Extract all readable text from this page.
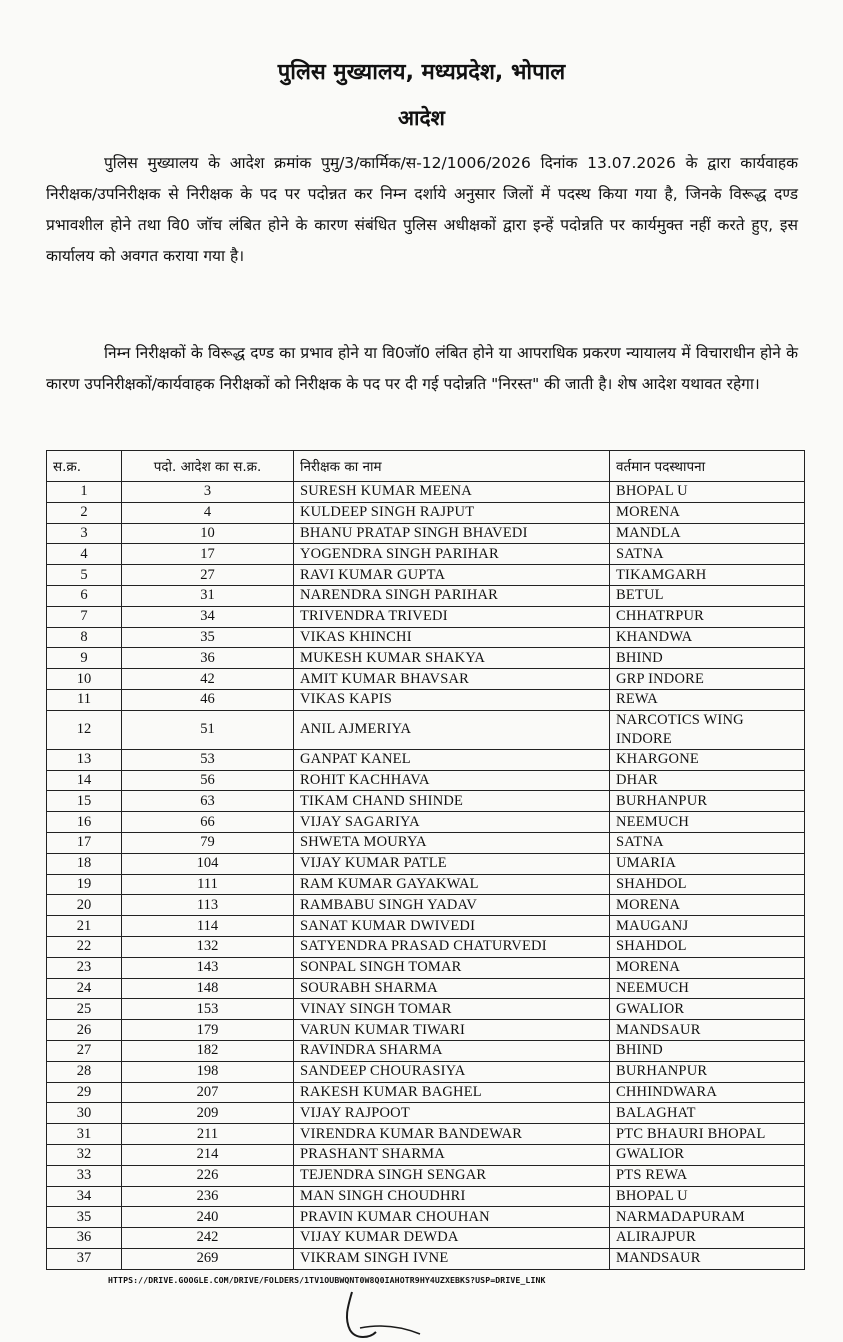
पुलिस मुख्यालय, मध्यप्रदेश, भोपाल
आदेश
पुलिस मुख्यालय के आदेश क्रमांक पुमु/3/कार्मिक/स-12/1006/2026 दिनांक 13.07.2026 के द्वारा कार्यवाहक निरीक्षक/उपनिरीक्षक से निरीक्षक के पद पर पदोन्नत कर निम्न दर्शाये अनुसार जिलों में पदस्थ किया गया है, जिनके विरूद्ध दण्ड प्रभावशील होने तथा वि0 जॉच लंबित होने के कारण संबंधित पुलिस अधीक्षकों द्वारा इन्हें पदोन्नति पर कार्यमुक्त नहीं करते हुए, इस कार्यालय को अवगत कराया गया है।
निम्न निरीक्षकों के विरूद्ध दण्ड का प्रभाव होने या वि0जॉ0 लंबित होने या आपराधिक प्रकरण न्यायालय में विचाराधीन होने के कारण उपनिरीक्षकों/कार्यवाहक निरीक्षकों को निरीक्षक के पद पर दी गई पदोन्नति "निरस्त" की जाती है। शेष आदेश यथावत रहेगा।
स.क्र.	पदो. आदेश का स.क्र.	निरीक्षक का नाम	वर्तमान पदस्थापना
1	3	SURESH KUMAR MEENA	BHOPAL U
2	4	KULDEEP SINGH RAJPUT	MORENA
3	10	BHANU PRATAP SINGH BHAVEDI	MANDLA
4	17	YOGENDRA SINGH PARIHAR	SATNA
5	27	RAVI KUMAR GUPTA	TIKAMGARH
6	31	NARENDRA SINGH PARIHAR	BETUL
7	34	TRIVENDRA TRIVEDI	CHHATRPUR
8	35	VIKAS KHINCHI	KHANDWA
9	36	MUKESH KUMAR SHAKYA	BHIND
10	42	AMIT KUMAR BHAVSAR	GRP INDORE
11	46	VIKAS KAPIS	REWA
12	51	ANIL AJMERIYA	NARCOTICS WING INDORE
13	53	GANPAT KANEL	KHARGONE
14	56	ROHIT KACHHAVA	DHAR
15	63	TIKAM CHAND SHINDE	BURHANPUR
16	66	VIJAY SAGARIYA	NEEMUCH
17	79	SHWETA MOURYA	SATNA
18	104	VIJAY KUMAR PATLE	UMARIA
19	111	RAM KUMAR GAYAKWAL	SHAHDOL
20	113	RAMBABU SINGH YADAV	MORENA
21	114	SANAT KUMAR DWIVEDI	MAUGANJ
22	132	SATYENDRA PRASAD CHATURVEDI	SHAHDOL
23	143	SONPAL SINGH TOMAR	MORENA
24	148	SOURABH SHARMA	NEEMUCH
25	153	VINAY SINGH TOMAR	GWALIOR
26	179	VARUN KUMAR TIWARI	MANDSAUR
27	182	RAVINDRA SHARMA	BHIND
28	198	SANDEEP CHOURASIYA	BURHANPUR
29	207	RAKESH KUMAR BAGHEL	CHHINDWARA
30	209	VIJAY RAJPOOT	BALAGHAT
31	211	VIRENDRA KUMAR BANDEWAR	PTC BHAURI BHOPAL
32	214	PRASHANT SHARMA	GWALIOR
33	226	TEJENDRA SINGH SENGAR	PTS REWA
34	236	MAN SINGH CHOUDHRI	BHOPAL U
35	240	PRAVIN KUMAR CHOUHAN	NARMADAPURAM
36	242	VIJAY KUMAR DEWDA	ALIRAJPUR
37	269	VIKRAM SINGH IVNE	MANDSAUR
HTTPS://DRIVE.GOOGLE.COM/DRIVE/FOLDERS/1TV1OUBWQNT0W8Q0IAHOTR9HY4UZXEBKS?USP=DRIVE_LINK
